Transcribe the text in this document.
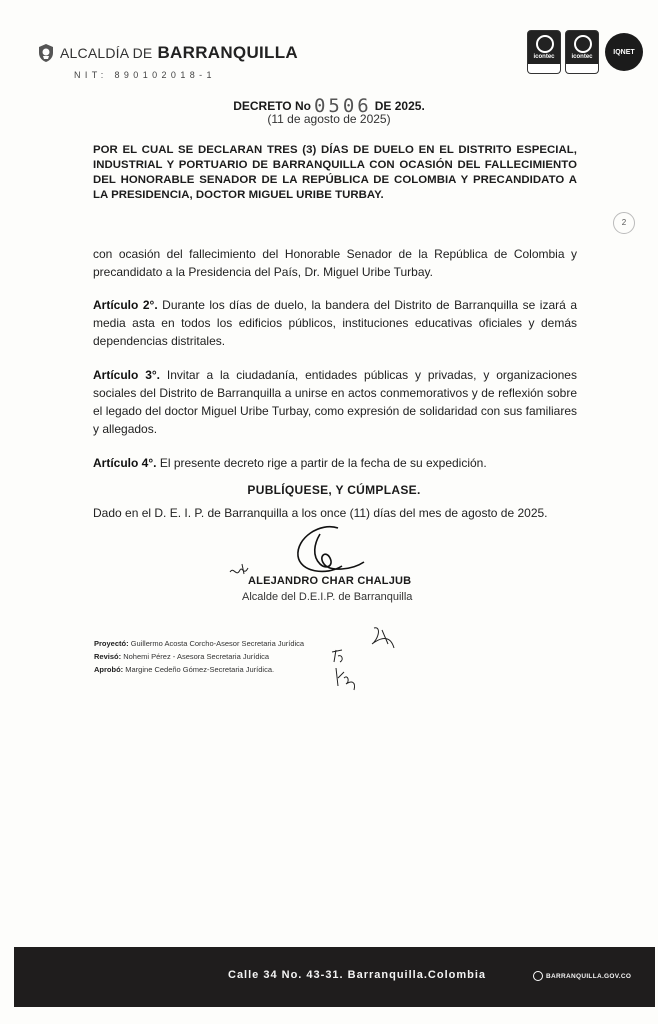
ALCALDÍA DE BARRANQUILLA
NIT: 890102018-1
icontec	icontec
IQNET
DECRETO No 0506 DE 2025.
(11 de agosto de 2025)
POR EL CUAL SE DECLARAN TRES (3) DÍAS DE DUELO EN EL DISTRITO ESPECIAL, INDUSTRIAL Y PORTUARIO DE BARRANQUILLA CON OCASIÓN DEL FALLECIMIENTO DEL HONORABLE SENADOR DE LA REPÚBLICA DE COLOMBIA Y PRECANDIDATO A LA PRESIDENCIA, DOCTOR MIGUEL URIBE TURBAY.
2
con ocasión del fallecimiento del Honorable Senador de la República de Colombia y precandidato a la Presidencia del País, Dr. Miguel Uribe Turbay.
Artículo 2°. Durante los días de duelo, la bandera del Distrito de Barranquilla se izará a media asta en todos los edificios públicos, instituciones educativas oficiales y demás dependencias distritales.
Artículo 3°. Invitar a la ciudadanía, entidades públicas y privadas, y organizaciones sociales del Distrito de Barranquilla a unirse en actos conmemorativos y de reflexión sobre el legado del doctor Miguel Uribe Turbay, como expresión de solidaridad con sus familiares y allegados.
Artículo 4°. El presente decreto rige a partir de la fecha de su expedición.
PUBLÍQUESE, Y CÚMPLASE.
Dado en el D. E. I. P. de Barranquilla a los once (11) días del mes de agosto de 2025.
ALEJANDRO CHAR CHALJUB
Alcalde del D.E.I.P. de Barranquilla
Proyectó: Guillermo Acosta Corcho-Asesor Secretaria Jurídica
Revisó: Nohemi Pérez - Asesora Secretaria Jurídica
Aprobó: Margine Cedeño Gómez-Secretaria Jurídica.
Calle 34 No. 43-31. Barranquilla.Colombia	BARRANQUILLA.GOV.CO
